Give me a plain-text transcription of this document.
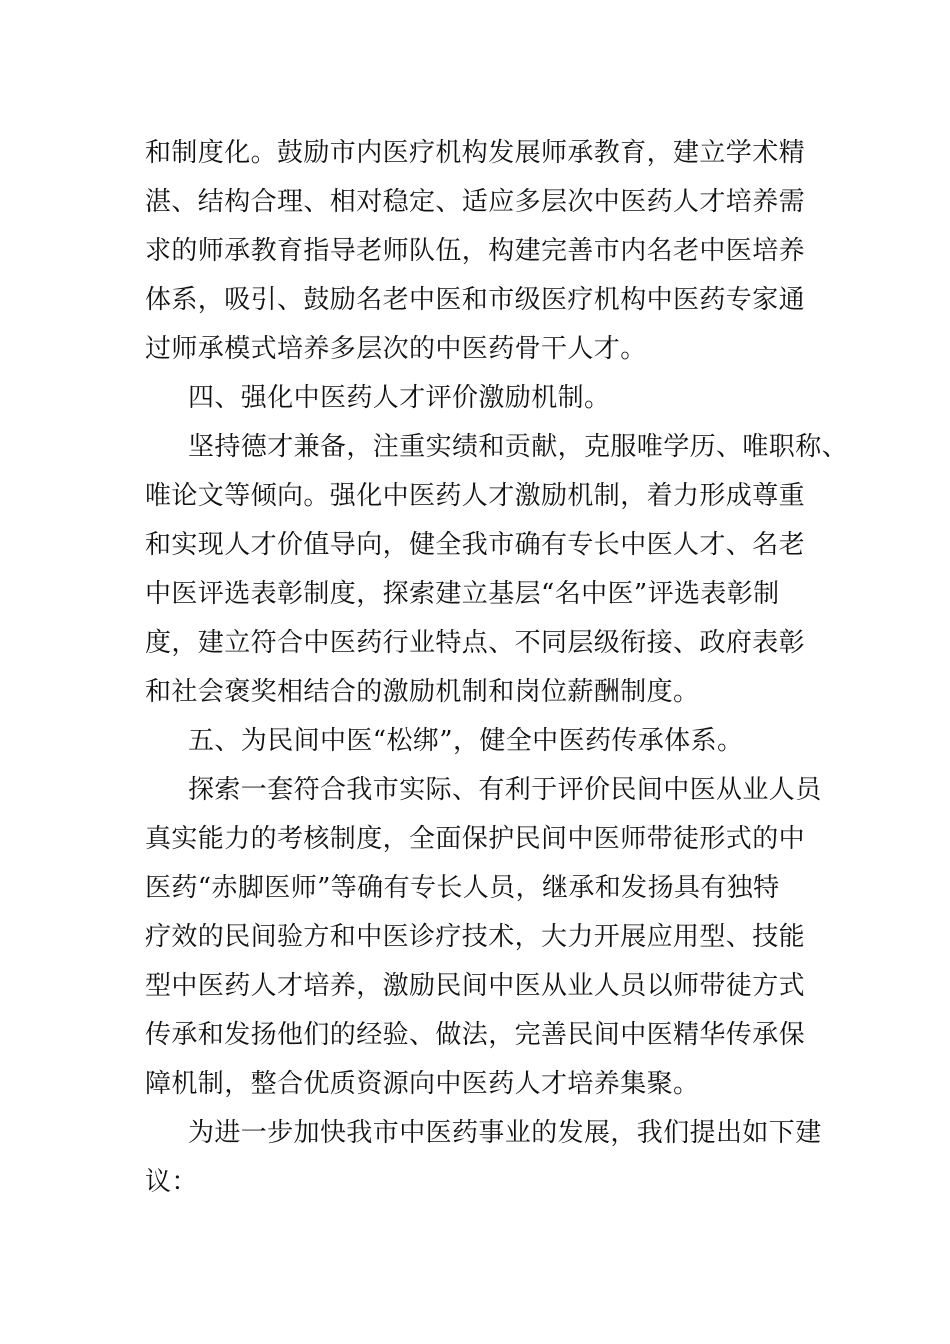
和制度化。鼓励市内医疗机构发展师承教育，建立学术精
湛、结构合理、相对稳定、适应多层次中医药人才培养需
求的师承教育指导老师队伍，构建完善市内名老中医培养
体系，吸引、鼓励名老中医和市级医疗机构中医药专家通
过师承模式培养多层次的中医药骨干人才。
四、强化中医药人才评价激励机制。
坚持德才兼备，注重实绩和贡献，克服唯学历、唯职称、
唯论文等倾向。强化中医药人才激励机制，着力形成尊重
和实现人才价值导向，健全我市确有专长中医人才、名老
中医评选表彰制度，探索建立基层“名中医”评选表彰制
度，建立符合中医药行业特点、不同层级衔接、政府表彰
和社会褒奖相结合的激励机制和岗位薪酬制度。
五、为民间中医“松绑”，健全中医药传承体系。
探索一套符合我市实际、有利于评价民间中医从业人员
真实能力的考核制度，全面保护民间中医师带徒形式的中
医药“赤脚医师”等确有专长人员，继承和发扬具有独特
疗效的民间验方和中医诊疗技术，大力开展应用型、技能
型中医药人才培养，激励民间中医从业人员以师带徒方式
传承和发扬他们的经验、做法，完善民间中医精华传承保
障机制，整合优质资源向中医药人才培养集聚。
为进一步加快我市中医药事业的发展，我们提出如下建
议：
